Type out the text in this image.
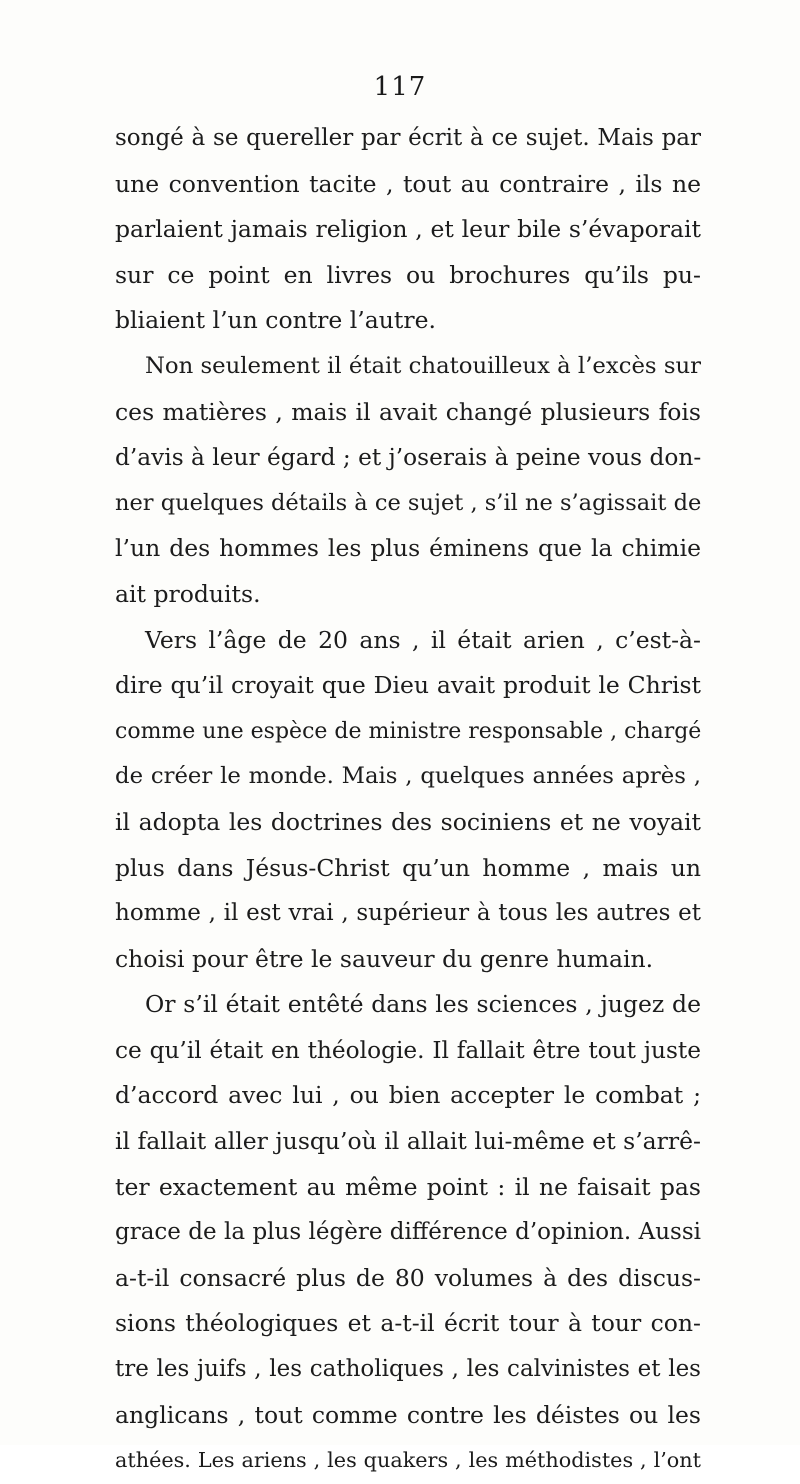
117
songé à se quereller par écrit à ce sujet. Mais par
une convention tacite , tout au contraire , ils ne
parlaient jamais religion , et leur bile s’évaporait
sur ce point en livres ou brochures qu’ils pu-
bliaient l’un contre l’autre.
Non seulement il était chatouilleux à l’excès sur
ces matières , mais il avait changé plusieurs fois
d’avis à leur égard ; et j’oserais à peine vous don-
ner quelques détails à ce sujet , s’il ne s’agissait de
l’un des hommes les plus éminens que la chimie
ait produits.
Vers l’âge de 20 ans , il était arien , c’est-à-
dire qu’il croyait que Dieu avait produit le Christ
comme une espèce de ministre responsable , chargé
de créer le monde. Mais , quelques années après ,
il adopta les doctrines des sociniens et ne voyait
plus dans Jésus-Christ qu’un homme , mais un
homme , il est vrai , supérieur à tous les autres et
choisi pour être le sauveur du genre humain.
Or s’il était entêté dans les sciences , jugez de
ce qu’il était en théologie. Il fallait être tout juste
d’accord avec lui , ou bien accepter le combat ;
il fallait aller jusqu’où il allait lui-même et s’arrê-
ter exactement au même point : il ne faisait pas
grace de la plus légère différence d’opinion. Aussi
a-t-il consacré plus de 80 volumes à des discus-
sions théologiques et a-t-il écrit tour à tour con-
tre les juifs , les catholiques , les calvinistes et les
anglicans , tout comme contre les déistes ou les
athées. Les ariens , les quakers , les méthodistes , l’ont
